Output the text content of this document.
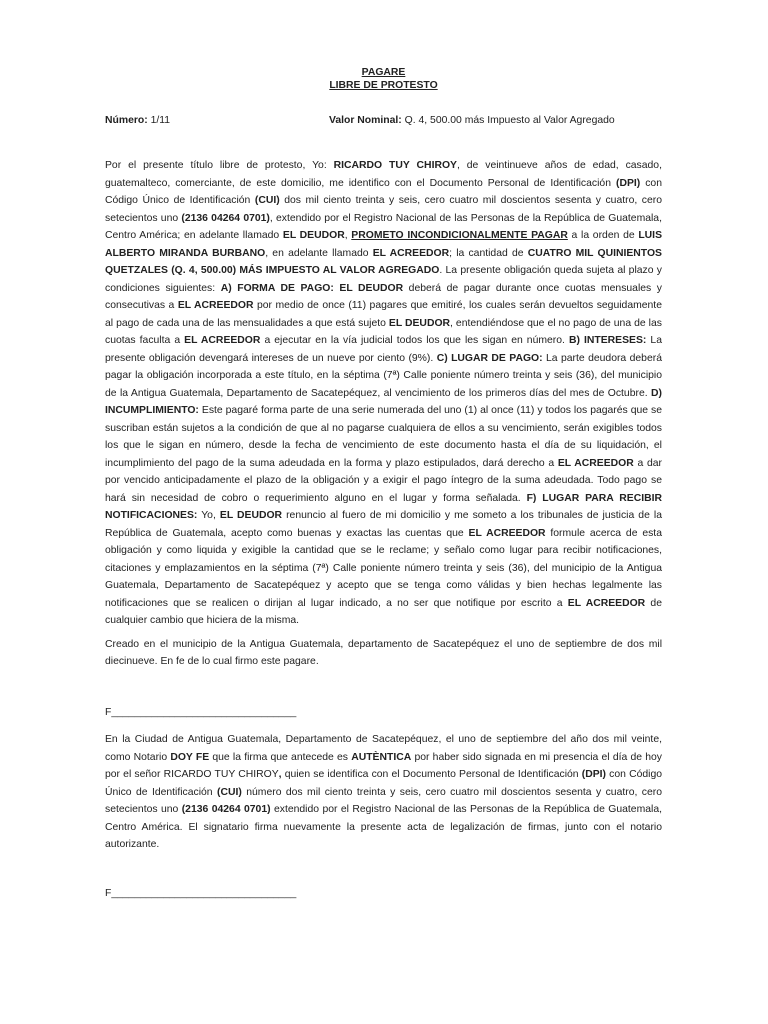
PAGARE
LIBRE DE PROTESTO
Número: 1/11	Valor Nominal: Q. 4, 500.00 más Impuesto al Valor Agregado

Por el presente título libre de protesto, Yo: RICARDO TUY CHIROY, de veintinueve años de edad, casado, guatemalteco, comerciante, de este domicilio, me identifico con el Documento Personal de Identificación (DPI) con Código Único de Identificación (CUI) dos mil ciento treinta y seis, cero cuatro mil doscientos sesenta y cuatro, cero setecientos uno (2136 04264 0701), extendido por el Registro Nacional de las Personas de la República de Guatemala, Centro América; en adelante llamado EL DEUDOR, PROMETO INCONDICIONALMENTE PAGAR a la orden de LUIS ALBERTO MIRANDA BURBANO, en adelante llamado EL ACREEDOR; la cantidad de CUATRO MIL QUINIENTOS QUETZALES (Q. 4, 500.00) MÁS IMPUESTO AL VALOR AGREGADO. La presente obligación queda sujeta al plazo y condiciones siguientes: A) FORMA DE PAGO: EL DEUDOR deberá de pagar durante once cuotas mensuales y consecutivas a EL ACREEDOR por medio de once (11) pagares que emitiré, los cuales serán devueltos seguidamente al pago de cada una de las mensualidades a que está sujeto EL DEUDOR, entendiéndose que el no pago de una de las cuotas faculta a EL ACREEDOR a ejecutar en la vía judicial todos los que les sigan en número. B) INTERESES: La presente obligación devengará intereses de un nueve por ciento (9%). C) LUGAR DE PAGO: La parte deudora deberá pagar la obligación incorporada a este título, en la séptima (7ª) Calle poniente número treinta y seis (36), del municipio de la Antigua Guatemala, Departamento de Sacatepéquez, al vencimiento de los primeros días del mes de Octubre. D) INCUMPLIMIENTO: Este pagaré forma parte de una serie numerada del uno (1) al once (11) y todos los pagarés que se suscriban están sujetos a la condición de que al no pagarse cualquiera de ellos a su vencimiento, serán exigibles todos los que le sigan en número, desde la fecha de vencimiento de este documento hasta el día de su liquidación, el incumplimiento del pago de la suma adeudada en la forma y plazo estipulados, dará derecho a EL ACREEDOR a dar por vencido anticipadamente el plazo de la obligación y a exigir el pago íntegro de la suma adeudada. Todo pago se hará sin necesidad de cobro o requerimiento alguno en el lugar y forma señalada. F) LUGAR PARA RECIBIR NOTIFICACIONES: Yo, EL DEUDOR renuncio al fuero de mi domicilio y me someto a los tribunales de justicia de la República de Guatemala, acepto como buenas y exactas las cuentas que EL ACREEDOR formule acerca de esta obligación y como liquida y exigible la cantidad que se le reclame; y señalo como lugar para recibir notificaciones, citaciones y emplazamientos en la séptima (7ª) Calle poniente número treinta y seis (36), del municipio de la Antigua Guatemala, Departamento de Sacatepéquez y acepto que se tenga como válidas y bien hechas legalmente las notificaciones que se realicen o dirijan al lugar indicado, a no ser que notifique por escrito a EL ACREEDOR de cualquier cambio que hiciera de la misma.

Creado en el municipio de la Antigua Guatemala, departamento de Sacatepéquez el uno de septiembre de dos mil diecinueve. En fe de lo cual firmo este pagare.

F________________________________

En la Ciudad de Antigua Guatemala, Departamento de Sacatepéquez, el uno de septiembre del año dos mil veinte, como Notario DOY FE que la firma que antecede es AUTÈNTICA por haber sido signada en mi presencia el día de hoy por el señor RICARDO TUY CHIROY, quien se identifica con el Documento Personal de Identificación (DPI) con Código Único de Identificación (CUI) número dos mil ciento treinta y seis, cero cuatro mil doscientos sesenta y cuatro, cero setecientos uno (2136 04264 0701) extendido por el Registro Nacional de las Personas de la República de Guatemala, Centro América. El signatario firma nuevamente la presente acta de legalización de firmas, junto con el notario autorizante.

F________________________________
